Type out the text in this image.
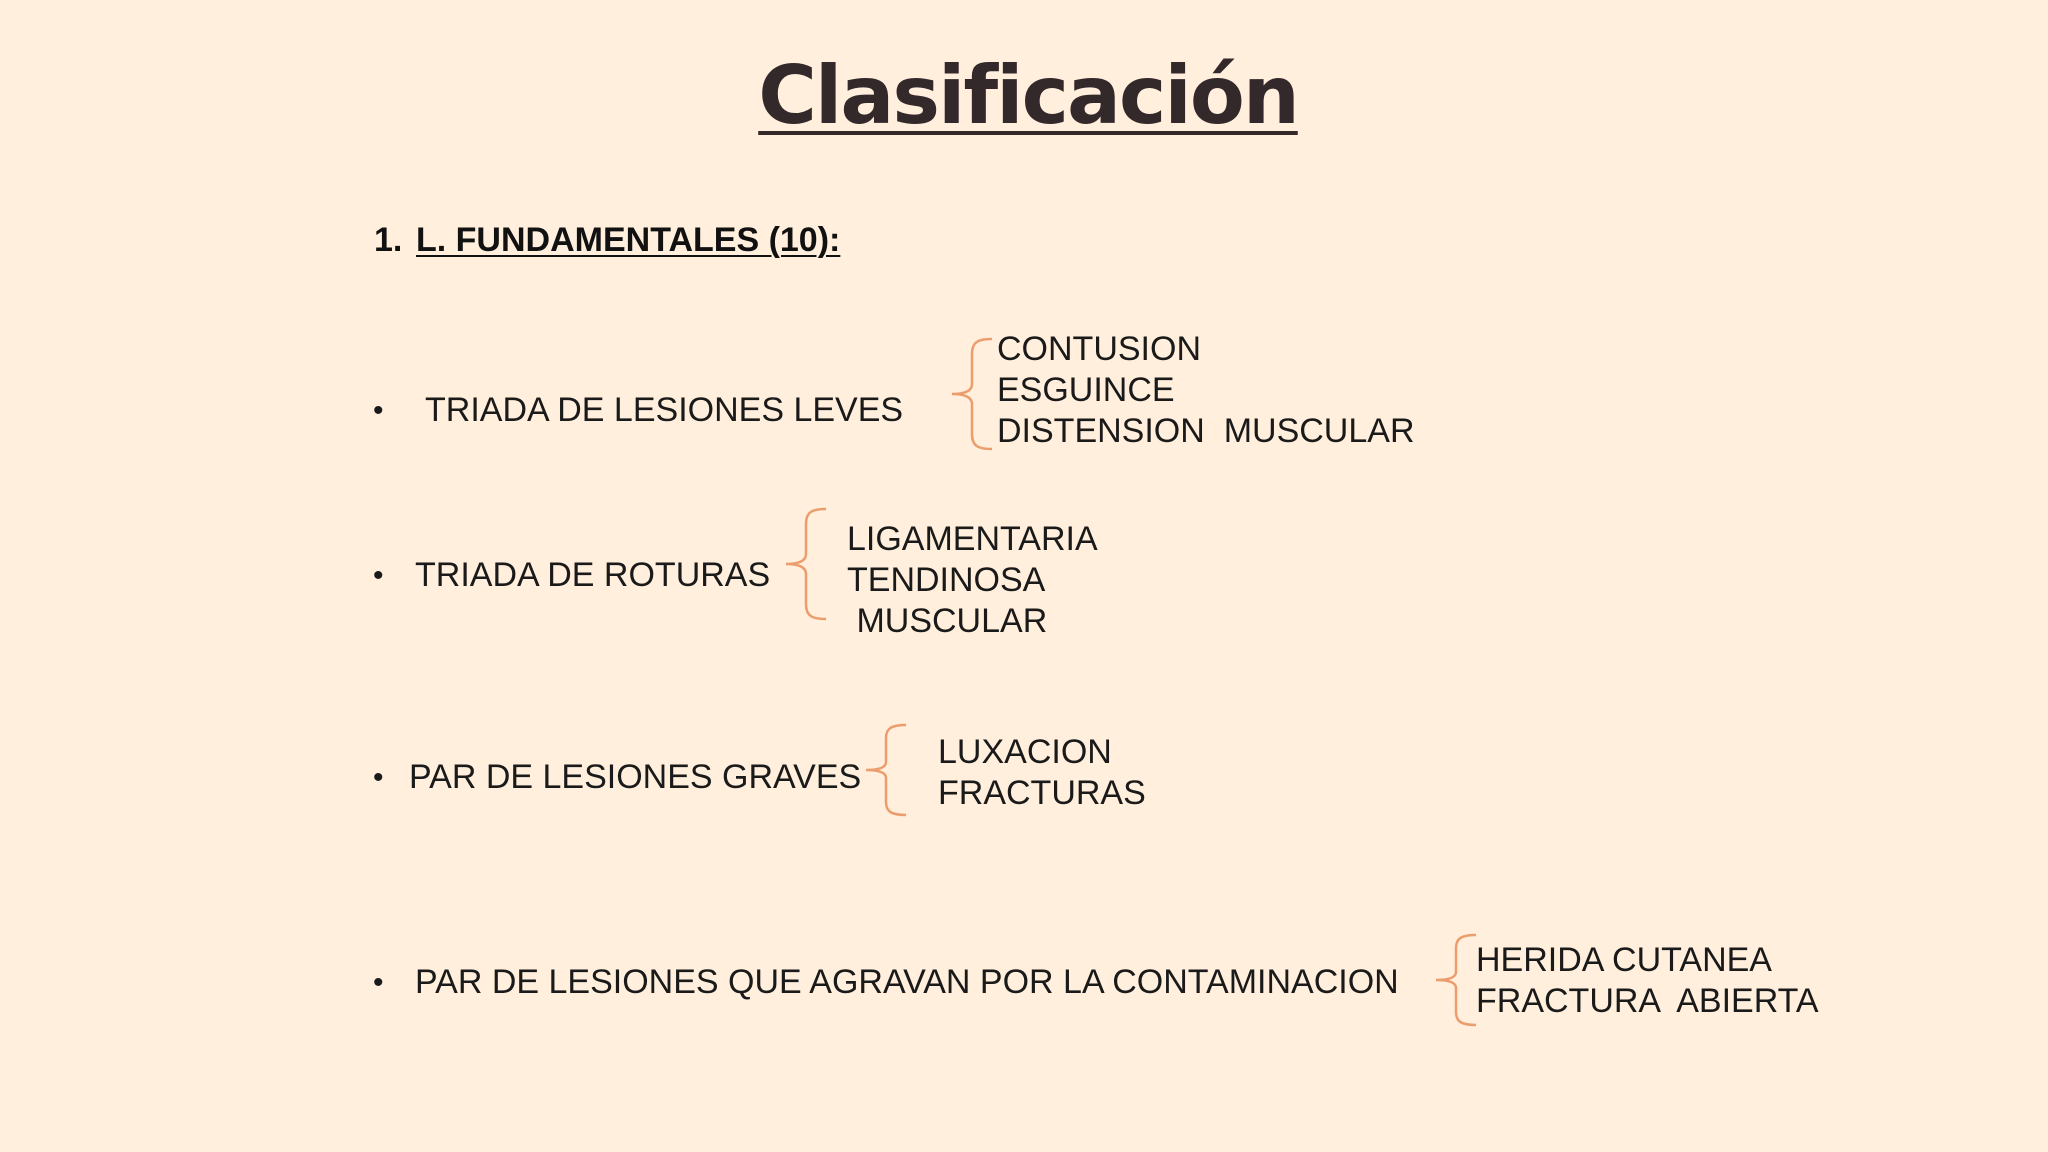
Clasificación
1. L. FUNDAMENTALES (10):
• TRIADA DE LESIONES LEVES
CONTUSION
ESGUINCE
DISTENSION  MUSCULAR
• TRIADA DE ROTURAS
LIGAMENTARIA
TENDINOSA
MUSCULAR
• PAR DE LESIONES GRAVES
LUXACION
FRACTURAS
• PAR DE LESIONES QUE AGRAVAN POR LA CONTAMINACION
HERIDA CUTANEA
FRACTURA  ABIERTA
